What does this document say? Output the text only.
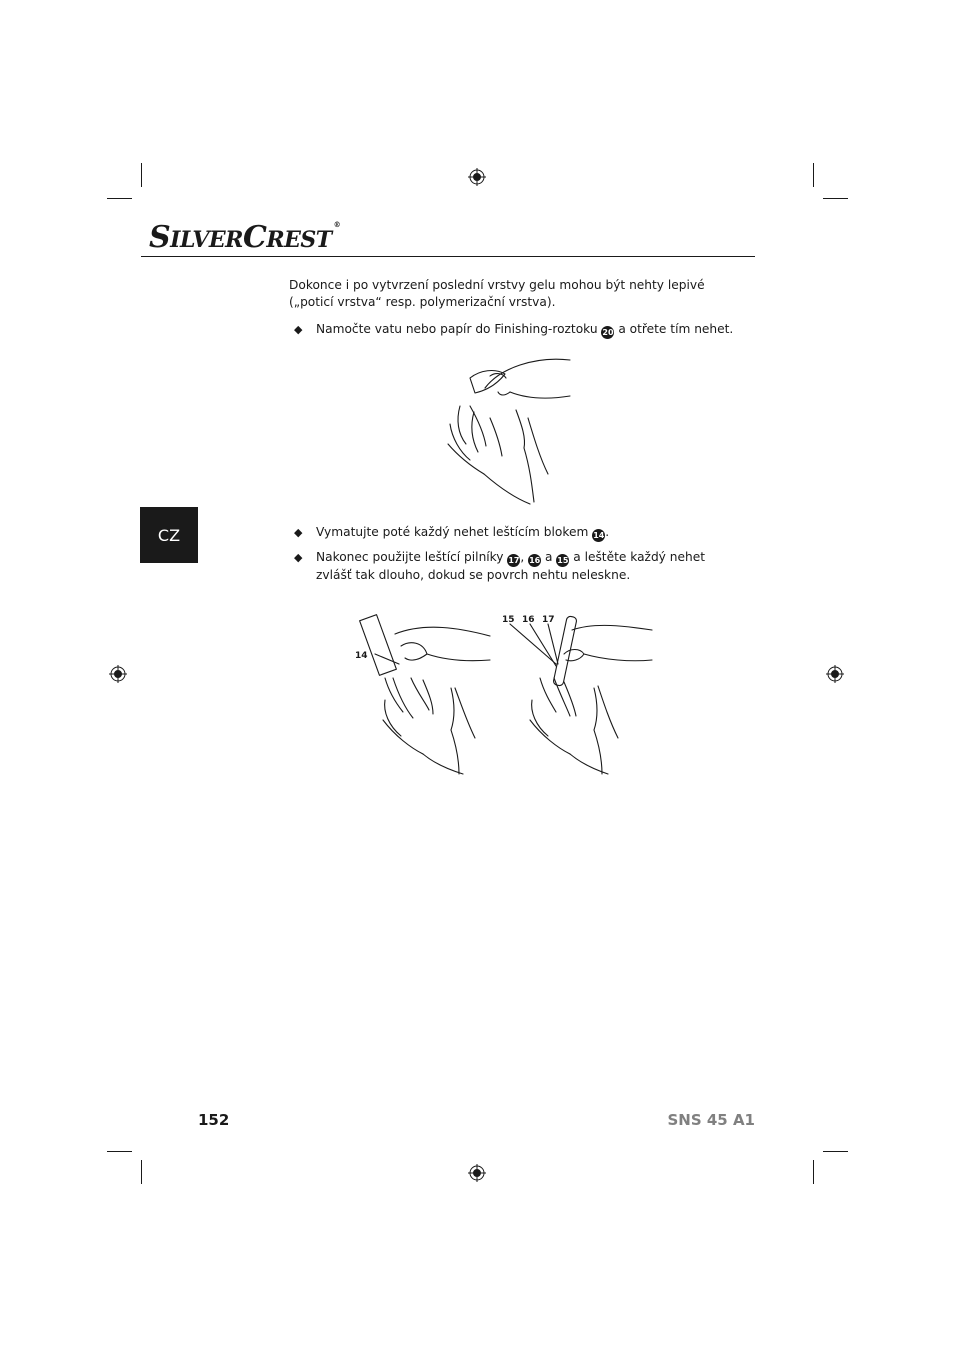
SILVERCREST®
CZ
Dokonce i po vytvrzení poslední vrstvy gelu mohou být nehty lepivé („poticí vrstva“ resp. polymerizační vrstva).
◆	Namočte vatu nebo papír do Finishing-roztoku 20 a otřete tím nehet.
◆	Vymatujte poté každý nehet leštícím blokem 14.
◆	Nakonec použijte leštící pilníky 17, 16 a 15 a leštěte každý nehet zvlášť tak dlouho, dokud se povrch nehtu neleskne.
14
15 16 17
152	SNS 45 A1
